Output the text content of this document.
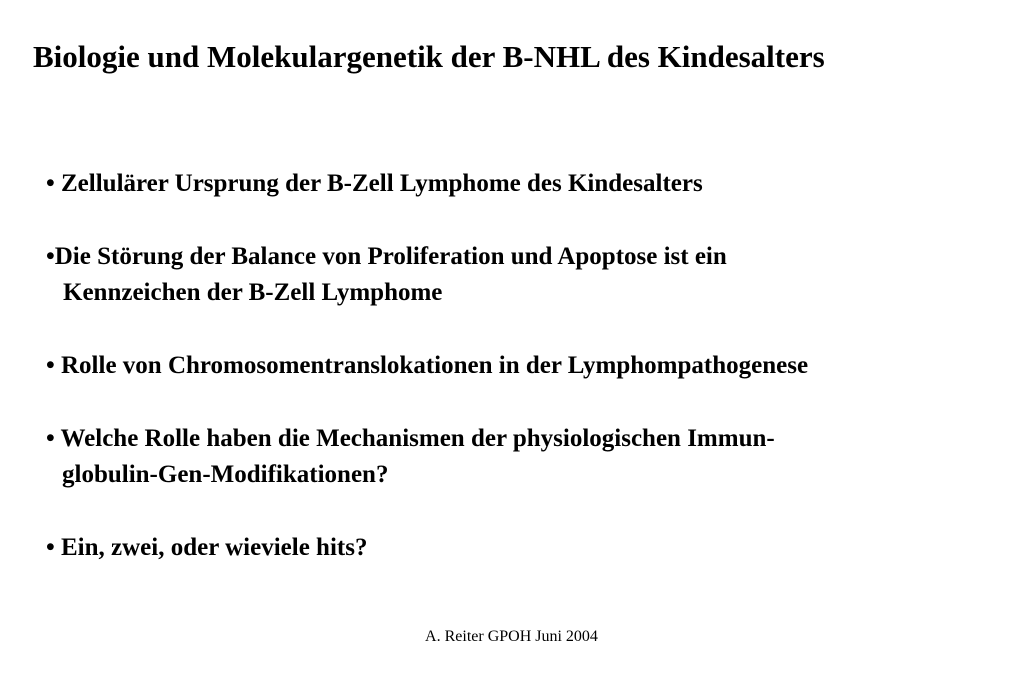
Biologie und Molekulargenetik der B-NHL des Kindesalters
• Zellulärer Ursprung der B-Zell Lymphome des Kindesalters
•Die Störung der Balance von Proliferation und Apoptose ist ein
Kennzeichen der B-Zell Lymphome
• Rolle von Chromosomentranslokationen in der Lymphompathogenese
• Welche Rolle haben die Mechanismen der physiologischen Immun-
globulin-Gen-Modifikationen?
• Ein, zwei, oder wieviele hits?
A. Reiter GPOH Juni 2004
